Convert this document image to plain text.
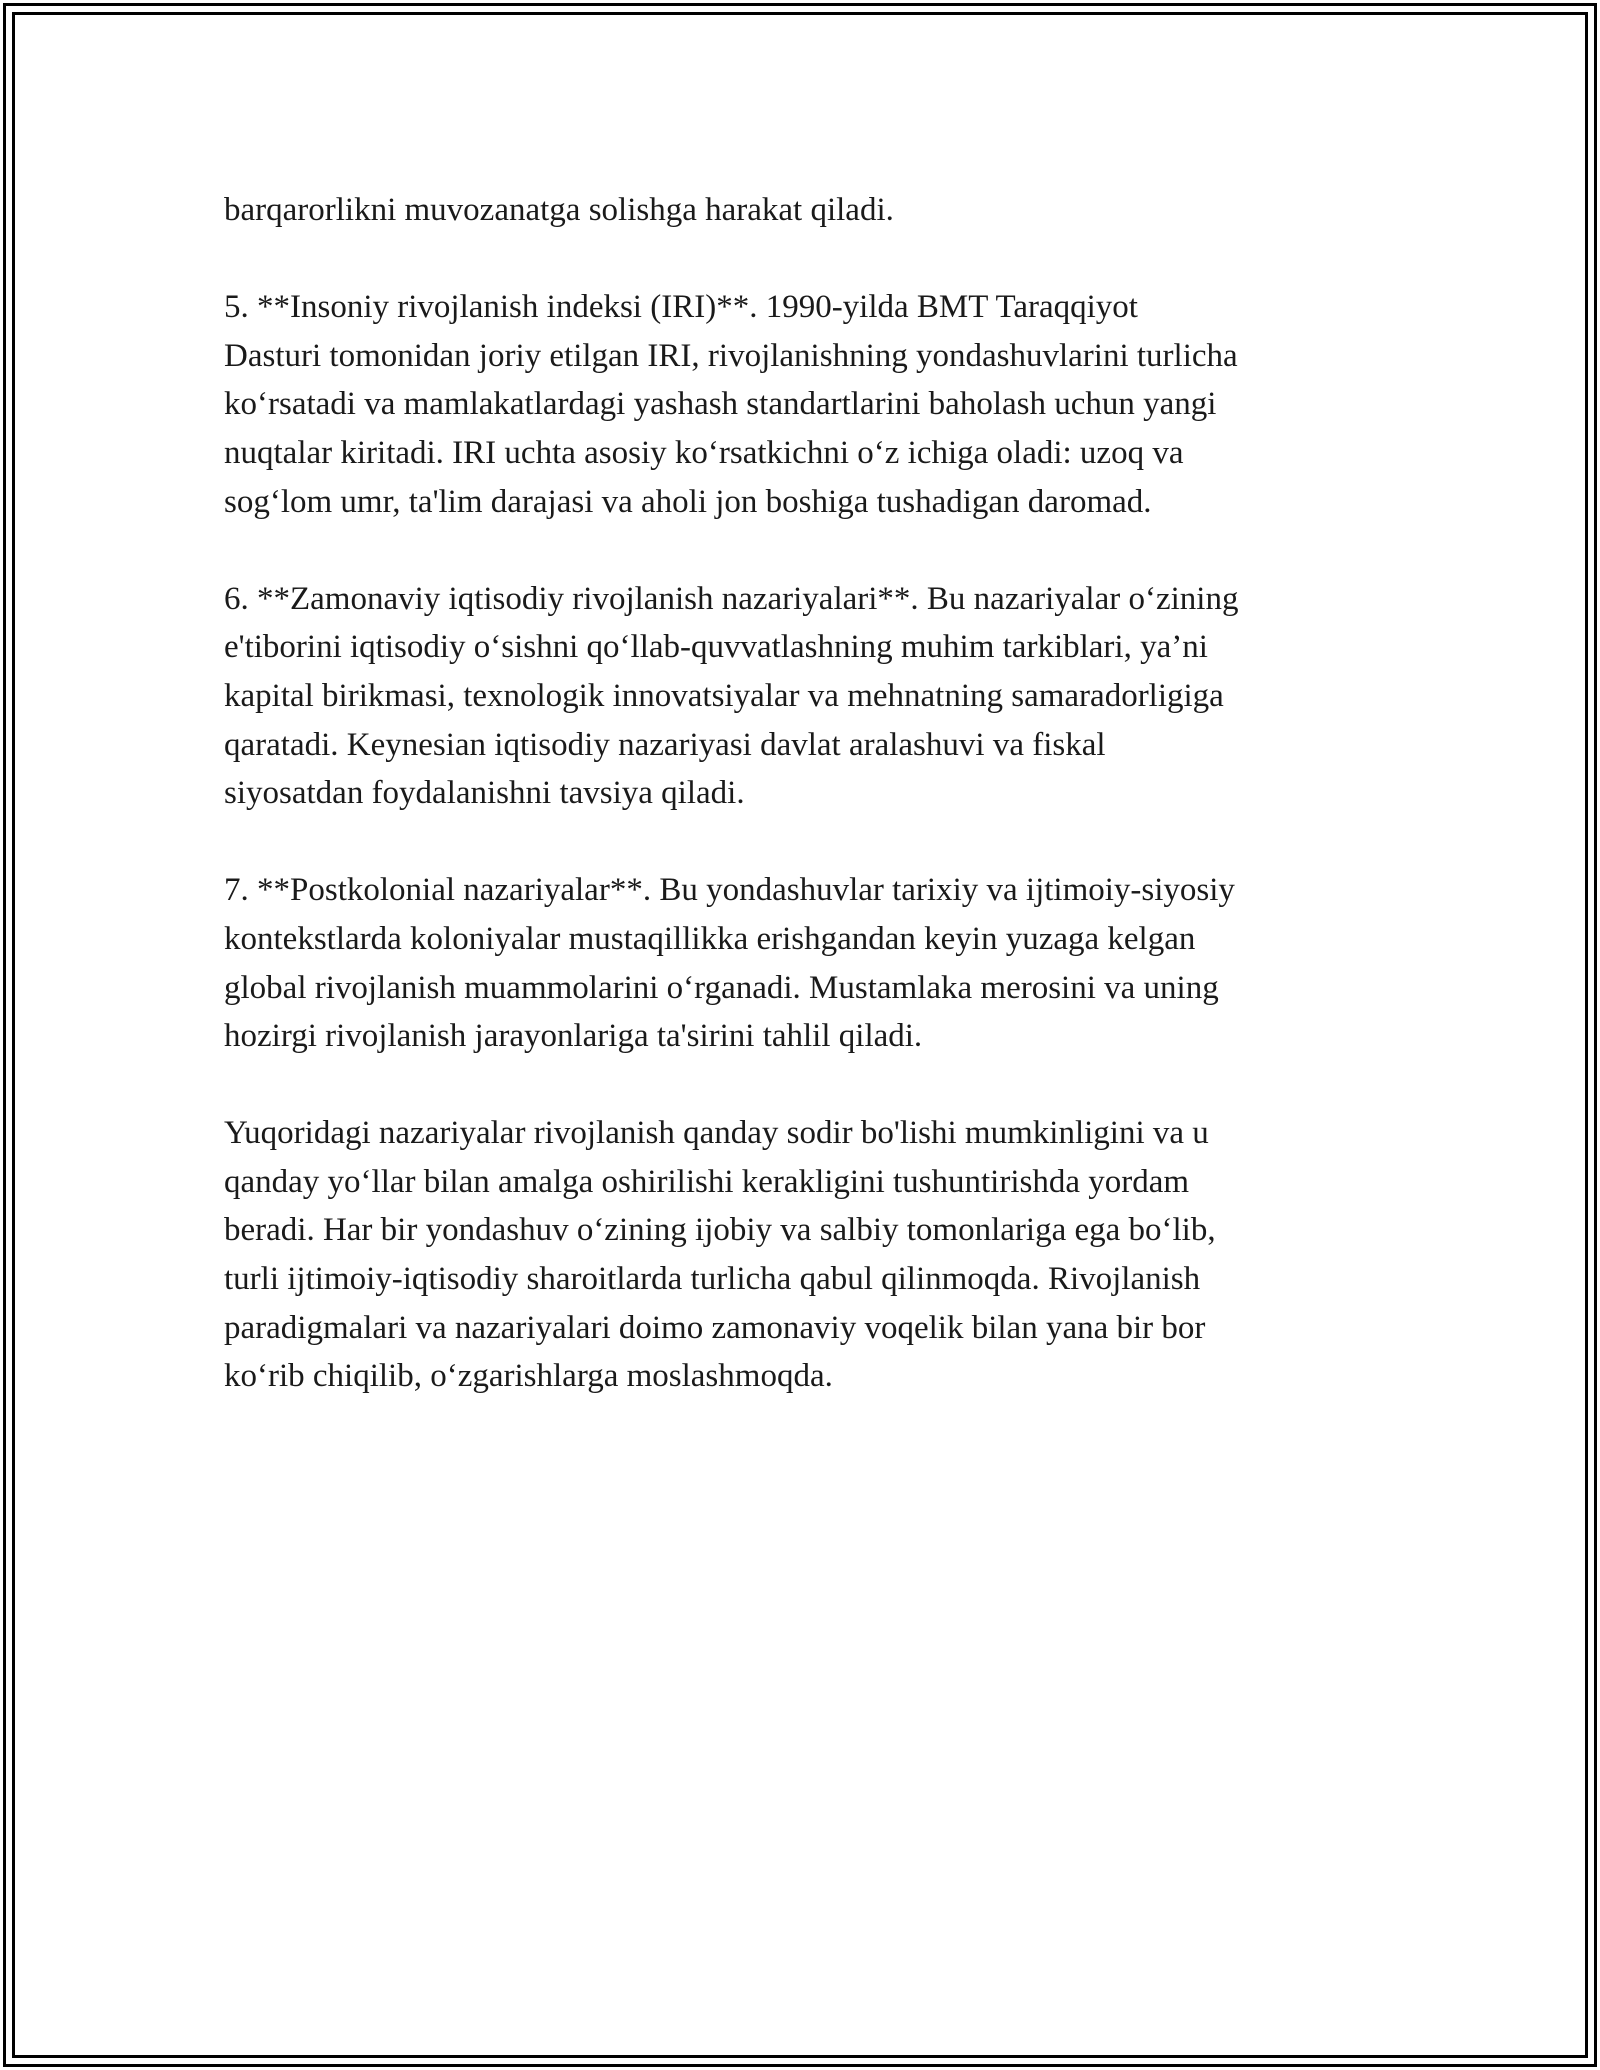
barqarorlikni muvozanatga solishga harakat qiladi.

5. **Insoniy rivojlanish indeksi (IRI)**. 1990-yilda BMT Taraqqiyot
Dasturi tomonidan joriy etilgan IRI, rivojlanishning yondashuvlarini turlicha
koʻrsatadi va mamlakatlardagi yashash standartlarini baholash uchun yangi
nuqtalar kiritadi. IRI uchta asosiy koʻrsatkichni oʻz ichiga oladi: uzoq va
sogʻlom umr, ta'lim darajasi va aholi jon boshiga tushadigan daromad.

6. **Zamonaviy iqtisodiy rivojlanish nazariyalari**. Bu nazariyalar oʻzining
e'tiborini iqtisodiy oʻsishni qoʻllab-quvvatlashning muhim tarkiblari, ya’ni
kapital birikmasi, texnologik innovatsiyalar va mehnatning samaradorligiga
qaratadi. Keynesian iqtisodiy nazariyasi davlat aralashuvi va fiskal
siyosatdan foydalanishni tavsiya qiladi.

7. **Postkolonial nazariyalar**. Bu yondashuvlar tarixiy va ijtimoiy-siyosiy
kontekstlarda koloniyalar mustaqillikka erishgandan keyin yuzaga kelgan
global rivojlanish muammolarini oʻrganadi. Mustamlaka merosini va uning
hozirgi rivojlanish jarayonlariga ta'sirini tahlil qiladi.

Yuqoridagi nazariyalar rivojlanish qanday sodir bo'lishi mumkinligini va u
qanday yoʻllar bilan amalga oshirilishi kerakligini tushuntirishda yordam
beradi. Har bir yondashuv oʻzining ijobiy va salbiy tomonlariga ega boʻlib,
turli ijtimoiy-iqtisodiy sharoitlarda turlicha qabul qilinmoqda. Rivojlanish
paradigmalari va nazariyalari doimo zamonaviy voqelik bilan yana bir bor
koʻrib chiqilib, oʻzgarishlarga moslashmoqda.
